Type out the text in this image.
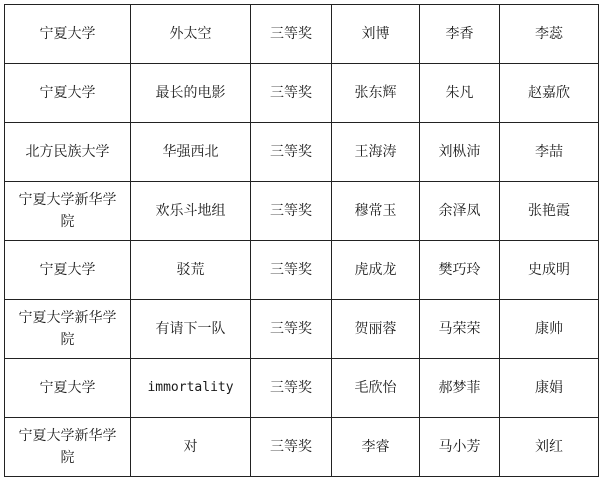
宁夏大学	外太空	三等奖	刘博	李香	李蕊
宁夏大学	最长的电影	三等奖	张东辉	朱凡	赵嘉欣
北方民族大学	华强西北	三等奖	王海涛	刘枞沛	李喆
宁夏大学新华学院	欢乐斗地组	三等奖	穆常玉	余泽凤	张艳霞
宁夏大学	驳荒	三等奖	虎成龙	樊巧玲	史成明
宁夏大学新华学院	有请下一队	三等奖	贺丽蓉	马荣荣	康帅
宁夏大学	immortality	三等奖	毛欣怡	郝梦菲	康娟
宁夏大学新华学院	对	三等奖	李睿	马小芳	刘红
